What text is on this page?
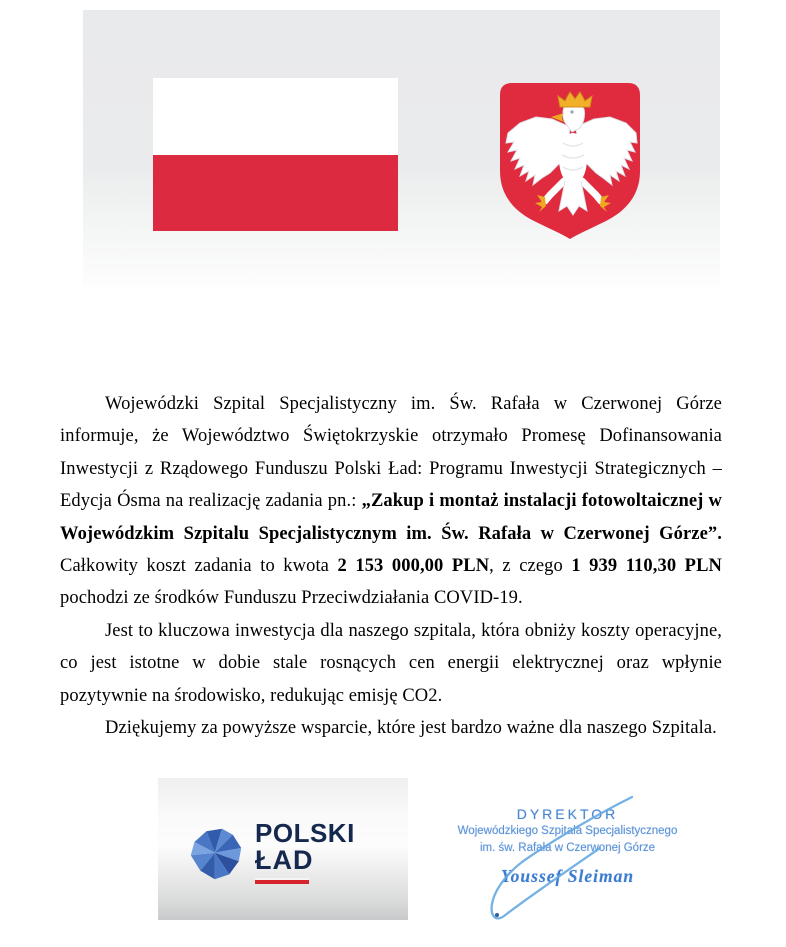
Wojewódzki Szpital Specjalistyczny im. Św. Rafała w Czerwonej Górze informuje, że Województwo Świętokrzyskie otrzymało Promesę Dofinansowania Inwestycji z Rządowego Funduszu Polski Ład: Programu Inwestycji Strategicznych – Edycja Ósma na realizację zadania pn.: „Zakup i montaż instalacji fotowoltaicznej w Wojewódzkim Szpitalu Specjalistycznym im. Św. Rafała w Czerwonej Górze”. Całkowity koszt zadania to kwota 2 153 000,00 PLN, z czego 1 939 110,30 PLN pochodzi ze środków Funduszu Przeciwdziałania COVID-19.

Jest to kluczowa inwestycja dla naszego szpitala, która obniży koszty operacyjne, co jest istotne w dobie stale rosnących cen energii elektrycznej oraz wpłynie pozytywnie na środowisko, redukując emisję CO2.

Dziękujemy za powyższe wsparcie, które jest bardzo ważne dla naszego Szpitala.

POLSKI
ŁAD
DYREKTOR
Wojewódzkiego Szpitala Specjalistycznego
im. św. Rafała w Czerwonej Górze
Youssef Sleiman
